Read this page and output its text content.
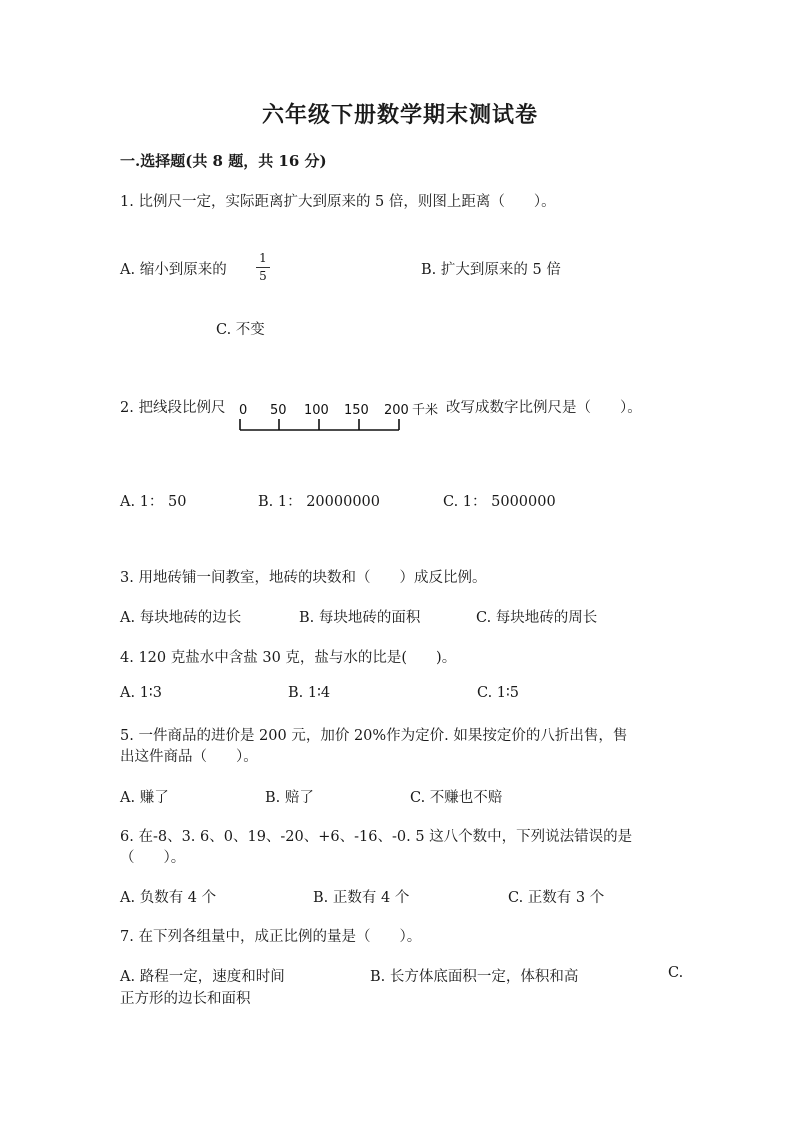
六年级下册数学期末测试卷
一.选择题(共 8 题，共 16 分)
1. 比例尺一定，实际距离扩大到原来的 5 倍，则图上距离（　　）。
A. 缩小到原来的
1
5	B. 扩大到原来的 5 倍
C. 不变
2. 把线段比例尺 0 50 100 150 200 千米 改写成数字比例尺是（　　）。
A. 1： 50	B. 1： 20000000	C. 1： 5000000
3. 用地砖铺一间教室，地砖的块数和（　　）成反比例。
A. 每块地砖的边长	B. 每块地砖的面积	C. 每块地砖的周长
4. 120 克盐水中含盐 30 克，盐与水的比是(　　)。
A. 1∶3	B. 1∶4	C. 1∶5
5. 一件商品的进价是 200 元，加价 20%作为定价. 如果按定价的八折出售，售
出这件商品（　　）。
A. 赚了	B. 赔了	C. 不赚也不赔
6. 在-8、3. 6、0、19、-20、+6、-16、-0. 5 这八个数中，下列说法错误的是
（　　）。
A. 负数有 4 个	B. 正数有 4 个	C. 正数有 3 个
7. 在下列各组量中，成正比例的量是（　　）。
A. 路程一定，速度和时间	B. 长方体底面积一定，体积和高	C.
正方形的边长和面积
